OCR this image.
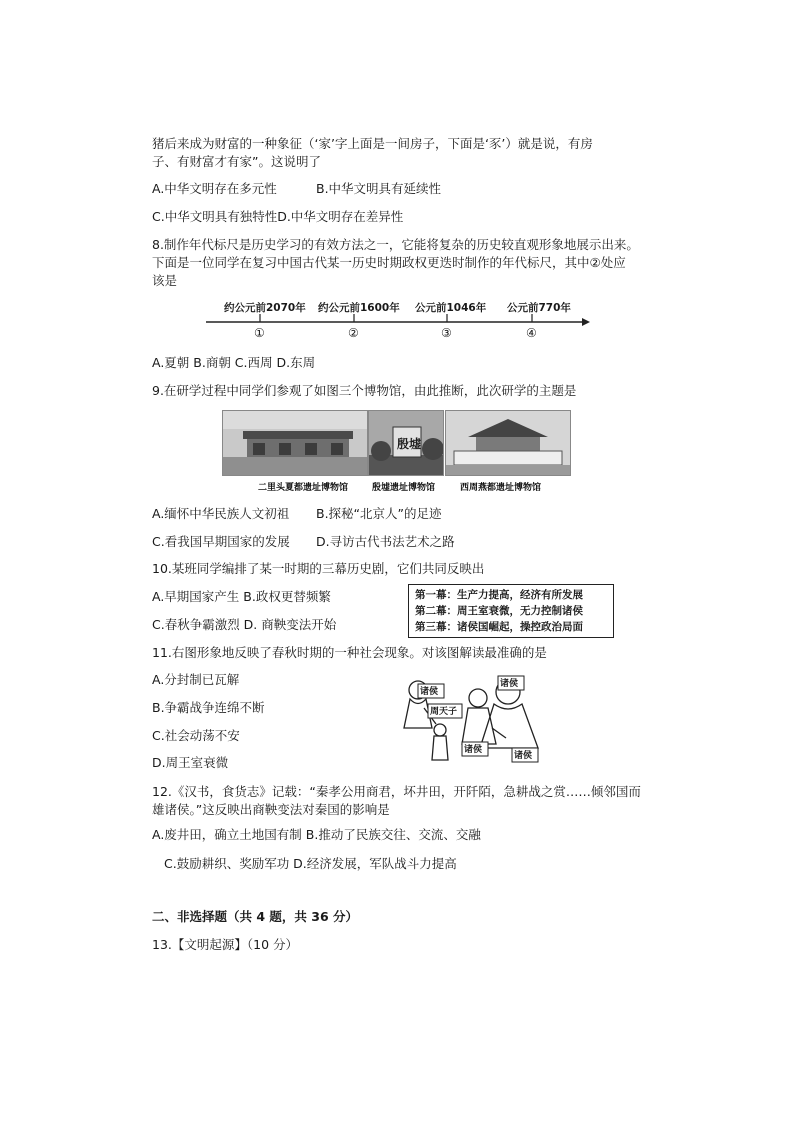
猪后来成为财富的一种象征（‘家’字上面是一间房子，下面是‘豕’）就是说，有房
子、有财富才有家”。这说明了
A.中华文明存在多元性	B.中华文明具有延续性
C.中华文明具有独特性D.中华文明存在差异性
8.制作年代标尺是历史学习的有效方法之一，它能将复杂的历史较直观形象地展示出来。
下面是一位同学在复习中国古代某一历史时期政权更迭时制作的年代标尺，其中②处应
该是
约公元前2070年 约公元前1600年 公元前1046年 公元前770年
①	②	③	④
A.夏朝 B.商朝 C.西周 D.东周
9.在研学过程中同学们参观了如图三个博物馆，由此推断，此次研学的主题是
殷墟
二里头夏都遗址博物馆	殷墟遗址博物馆	西周燕都遗址博物馆
A.缅怀中华民族人文初祖 B.探秘“北京人”的足迹
C.看我国早期国家的发展 D.寻访古代书法艺术之路
10.某班同学编排了某一时期的三幕历史剧，它们共同反映出
A.早期国家产生 B.政权更替频繁
C.春秋争霸激烈 D. 商鞅变法开始
第一幕：生产力提高，经济有所发展
第二幕：周王室衰微，无力控制诸侯
第三幕：诸侯国崛起，操控政治局面
11.右图形象地反映了春秋时期的一种社会现象。对该图解读最准确的是
A.分封制已瓦解
B.争霸战争连绵不断
C.社会动荡不安
D.周王室衰微
诸侯
周天子
诸侯
诸侯
诸侯
12.《汉书，食货志》记载：“秦孝公用商君，坏井田，开阡陌，急耕战之赏……倾邻国而
雄诸侯。”这反映出商鞅变法对秦国的影响是
A.废井田，确立土地国有制 B.推动了民族交往、交流、交融
C.鼓励耕织、奖励军功 D.经济发展，军队战斗力提高
二、非选择题（共 4 题，共 36 分）
13.【文明起源】（10 分）
